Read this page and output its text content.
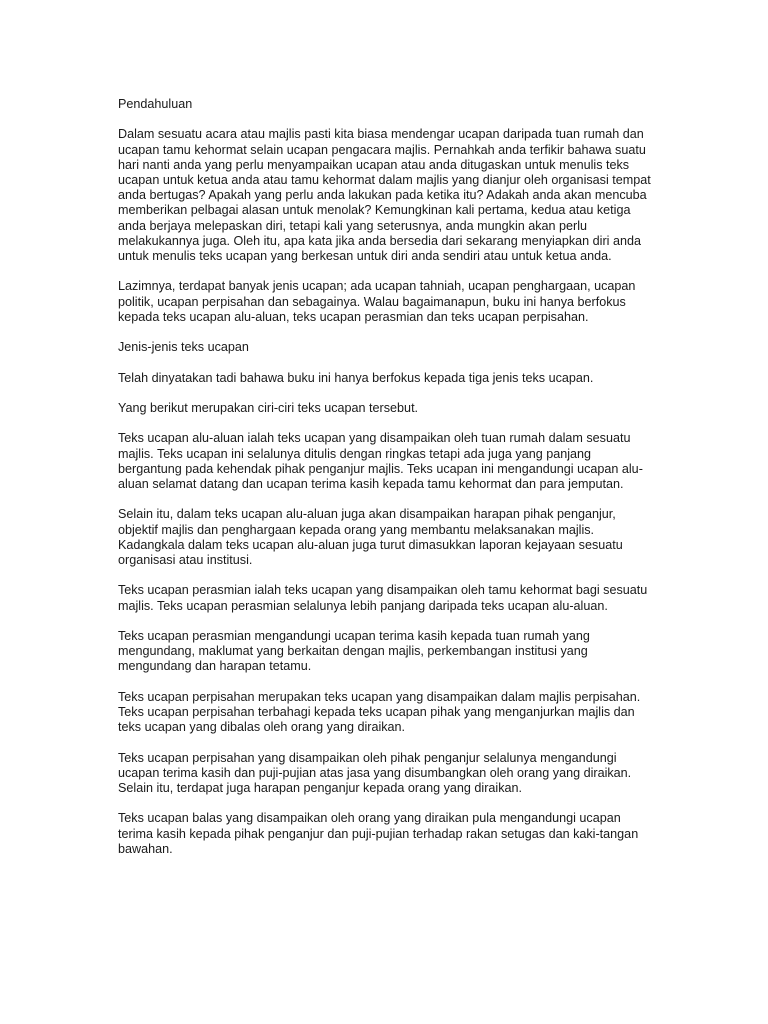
Pendahuluan

Dalam sesuatu acara atau majlis pasti kita biasa mendengar ucapan daripada tuan rumah dan ucapan tamu kehormat selain ucapan pengacara majlis. Pernahkah anda terfikir bahawa suatu hari nanti anda yang perlu menyampaikan ucapan atau anda ditugaskan untuk menulis teks ucapan untuk ketua anda atau tamu kehormat dalam majlis yang dianjur oleh organisasi tempat anda bertugas? Apakah yang perlu anda lakukan pada ketika itu? Adakah anda akan mencuba memberikan pelbagai alasan untuk menolak? Kemungkinan kali pertama, kedua atau ketiga anda berjaya melepaskan diri, tetapi kali yang seterusnya, anda mungkin akan perlu melakukannya juga. Oleh itu, apa kata jika anda bersedia dari sekarang menyiapkan diri anda untuk menulis teks ucapan yang berkesan untuk diri anda sendiri atau untuk ketua anda.

Lazimnya, terdapat banyak jenis ucapan; ada ucapan tahniah, ucapan penghargaan, ucapan politik, ucapan perpisahan dan sebagainya. Walau bagaimanapun, buku ini hanya berfokus kepada teks ucapan alu-aluan, teks ucapan perasmian dan teks ucapan perpisahan.

Jenis-jenis teks ucapan

Telah dinyatakan tadi bahawa buku ini hanya berfokus kepada tiga jenis teks ucapan.

Yang berikut merupakan ciri-ciri teks ucapan tersebut.

Teks ucapan alu-aluan ialah teks ucapan yang disampaikan oleh tuan rumah dalam sesuatu majlis. Teks ucapan ini selalunya ditulis dengan ringkas tetapi ada juga yang panjang bergantung pada kehendak pihak penganjur majlis. Teks ucapan ini mengandungi ucapan alu-aluan selamat datang dan ucapan terima kasih kepada tamu kehormat dan para jemputan.

Selain itu, dalam teks ucapan alu-aluan juga akan disampaikan harapan pihak penganjur, objektif majlis dan penghargaan kepada orang yang membantu melaksanakan majlis. Kadangkala dalam teks ucapan alu-aluan juga turut dimasukkan laporan kejayaan sesuatu organisasi atau institusi.

Teks ucapan perasmian ialah teks ucapan yang disampaikan oleh tamu kehormat bagi sesuatu majlis. Teks ucapan perasmian selalunya lebih panjang daripada teks ucapan alu-aluan.

Teks ucapan perasmian mengandungi ucapan terima kasih kepada tuan rumah yang mengundang, maklumat yang berkaitan dengan majlis, perkembangan institusi yang mengundang dan harapan tetamu.

Teks ucapan perpisahan merupakan teks ucapan yang disampaikan dalam majlis perpisahan. Teks ucapan perpisahan terbahagi kepada teks ucapan pihak yang menganjurkan majlis dan teks ucapan yang dibalas oleh orang yang diraikan.

Teks ucapan perpisahan yang disampaikan oleh pihak penganjur selalunya mengandungi ucapan terima kasih dan puji-pujian atas jasa yang disumbangkan oleh orang yang diraikan. Selain itu, terdapat juga harapan penganjur kepada orang yang diraikan.

Teks ucapan balas yang disampaikan oleh orang yang diraikan pula mengandungi ucapan terima kasih kepada pihak penganjur dan puji-pujian terhadap rakan setugas dan kaki-tangan bawahan.
